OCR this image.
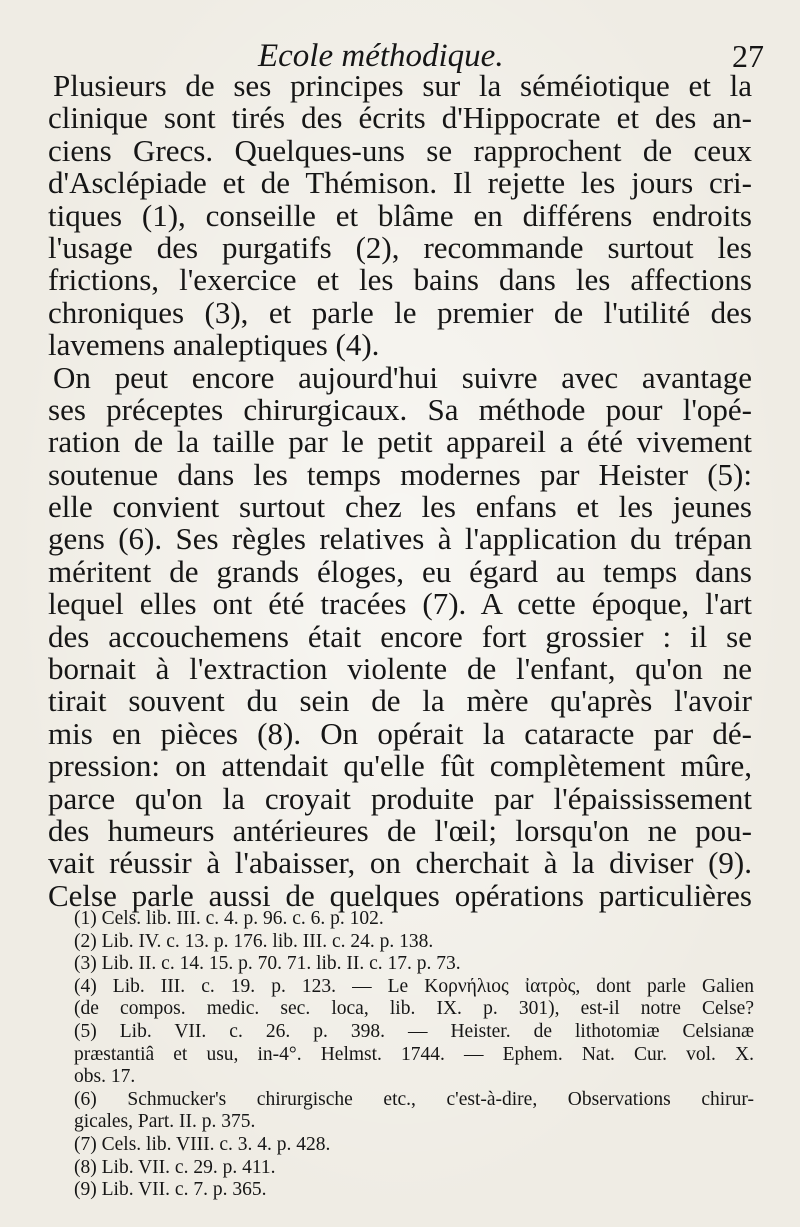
Ecole méthodique.	27
Plusieurs de ses principes sur la séméiotique et la
clinique sont tirés des écrits d'Hippocrate et des an-
ciens Grecs. Quelques-uns se rapprochent de ceux
d'Asclépiade et de Thémison. Il rejette les jours cri-
tiques (1), conseille et blâme en différens endroits
l'usage des purgatifs (2), recommande surtout les
frictions, l'exercice et les bains dans les affections
chroniques (3), et parle le premier de l'utilité des
lavemens analeptiques (4).
On peut encore aujourd'hui suivre avec avantage
ses préceptes chirurgicaux. Sa méthode pour l'opé-
ration de la taille par le petit appareil a été vivement
soutenue dans les temps modernes par Heister (5):
elle convient surtout chez les enfans et les jeunes
gens (6). Ses règles relatives à l'application du trépan
méritent de grands éloges, eu égard au temps dans
lequel elles ont été tracées (7). A cette époque, l'art
des accouchemens était encore fort grossier : il se
bornait à l'extraction violente de l'enfant, qu'on ne
tirait souvent du sein de la mère qu'après l'avoir
mis en pièces (8). On opérait la cataracte par dé-
pression: on attendait qu'elle fût complètement mûre,
parce qu'on la croyait produite par l'épaississement
des humeurs antérieures de l'œil; lorsqu'on ne pou-
vait réussir à l'abaisser, on cherchait à la diviser (9).
Celse parle aussi de quelques opérations particulières
(1) Cels. lib. III. c. 4. p. 96. c. 6. p. 102.
(2) Lib. IV. c. 13. p. 176. lib. III. c. 24. p. 138.
(3) Lib. II. c. 14. 15. p. 70. 71. lib. II. c. 17. p. 73.
(4) Lib. III. c. 19. p. 123. — Le Κορνήλιος ἰατρὸς, dont parle Galien
(de compos. medic. sec. loca, lib. IX. p. 301), est-il notre Celse?
(5) Lib. VII. c. 26. p. 398. — Heister. de lithotomiæ Celsianæ
præstantiâ et usu, in-4°. Helmst. 1744. — Ephem. Nat. Cur. vol. X.
obs. 17.
(6) Schmucker's chirurgische etc., c'est-à-dire, Observations chirur-
gicales, Part. II. p. 375.
(7) Cels. lib. VIII. c. 3. 4. p. 428.
(8) Lib. VII. c. 29. p. 411.
(9) Lib. VII. c. 7. p. 365.
